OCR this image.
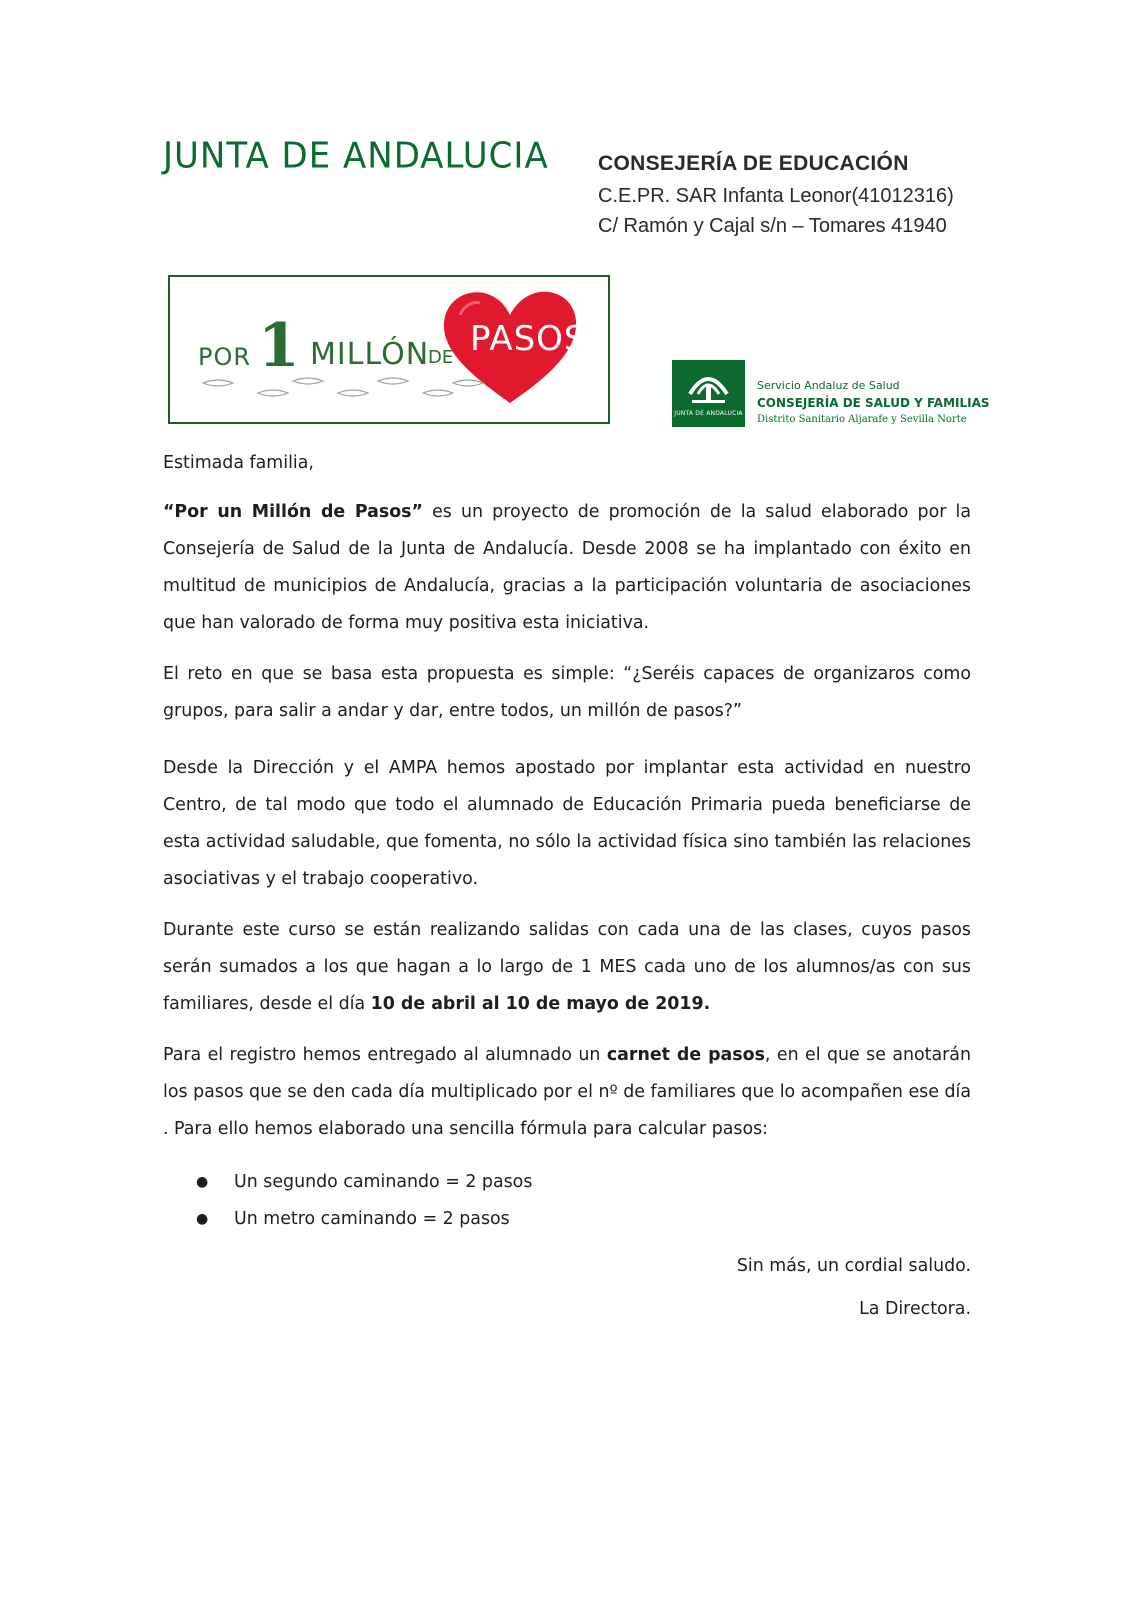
JUNTA DE ANDALUCIA CONSEJERÍA DE EDUCACIÓN
C.E.PR. SAR Infanta Leonor(41012316)
C/ Ramón y Cajal s/n – Tomares 41940
PASOS
POR 1 MILLÓN
DE
JUNTA DE ANDALUCIA
Servicio Andaluz de Salud
CONSEJERÍA DE SALUD Y FAMILIAS
Distrito Sanitario Aljarafe y Sevilla Norte
Estimada familia,
“Por un Millón de Pasos” es un proyecto de promoción de la salud elaborado por la Consejería de Salud de la Junta de Andalucía. Desde 2008 se ha implantado con éxito en multitud de municipios de Andalucía, gracias a la participación voluntaria de asociaciones que han valorado de forma muy positiva esta iniciativa.
El reto en que se basa esta propuesta es simple: “¿Seréis capaces de organizaros como grupos, para salir a andar y dar, entre todos, un millón de pasos?”
Desde la Dirección y el AMPA hemos apostado por implantar esta actividad en nuestro Centro, de tal modo que todo el alumnado de Educación Primaria pueda beneficiarse de esta actividad saludable, que fomenta, no sólo la actividad física sino también las relaciones asociativas y el trabajo cooperativo.
Durante este curso se están realizando salidas con cada una de las clases, cuyos pasos serán sumados a los que hagan a lo largo de 1 MES cada uno de los alumnos/as con sus familiares, desde el día 10 de abril al 10 de mayo de 2019.
Para el registro hemos entregado al alumnado un carnet de pasos, en el que se anotarán los pasos que se den cada día multiplicado por el nº de familiares que lo acompañen ese día . Para ello hemos elaborado una sencilla fórmula para calcular pasos:
●	Un segundo caminando = 2 pasos
●	Un metro caminando = 2 pasos
Sin más, un cordial saludo.
La Directora.
